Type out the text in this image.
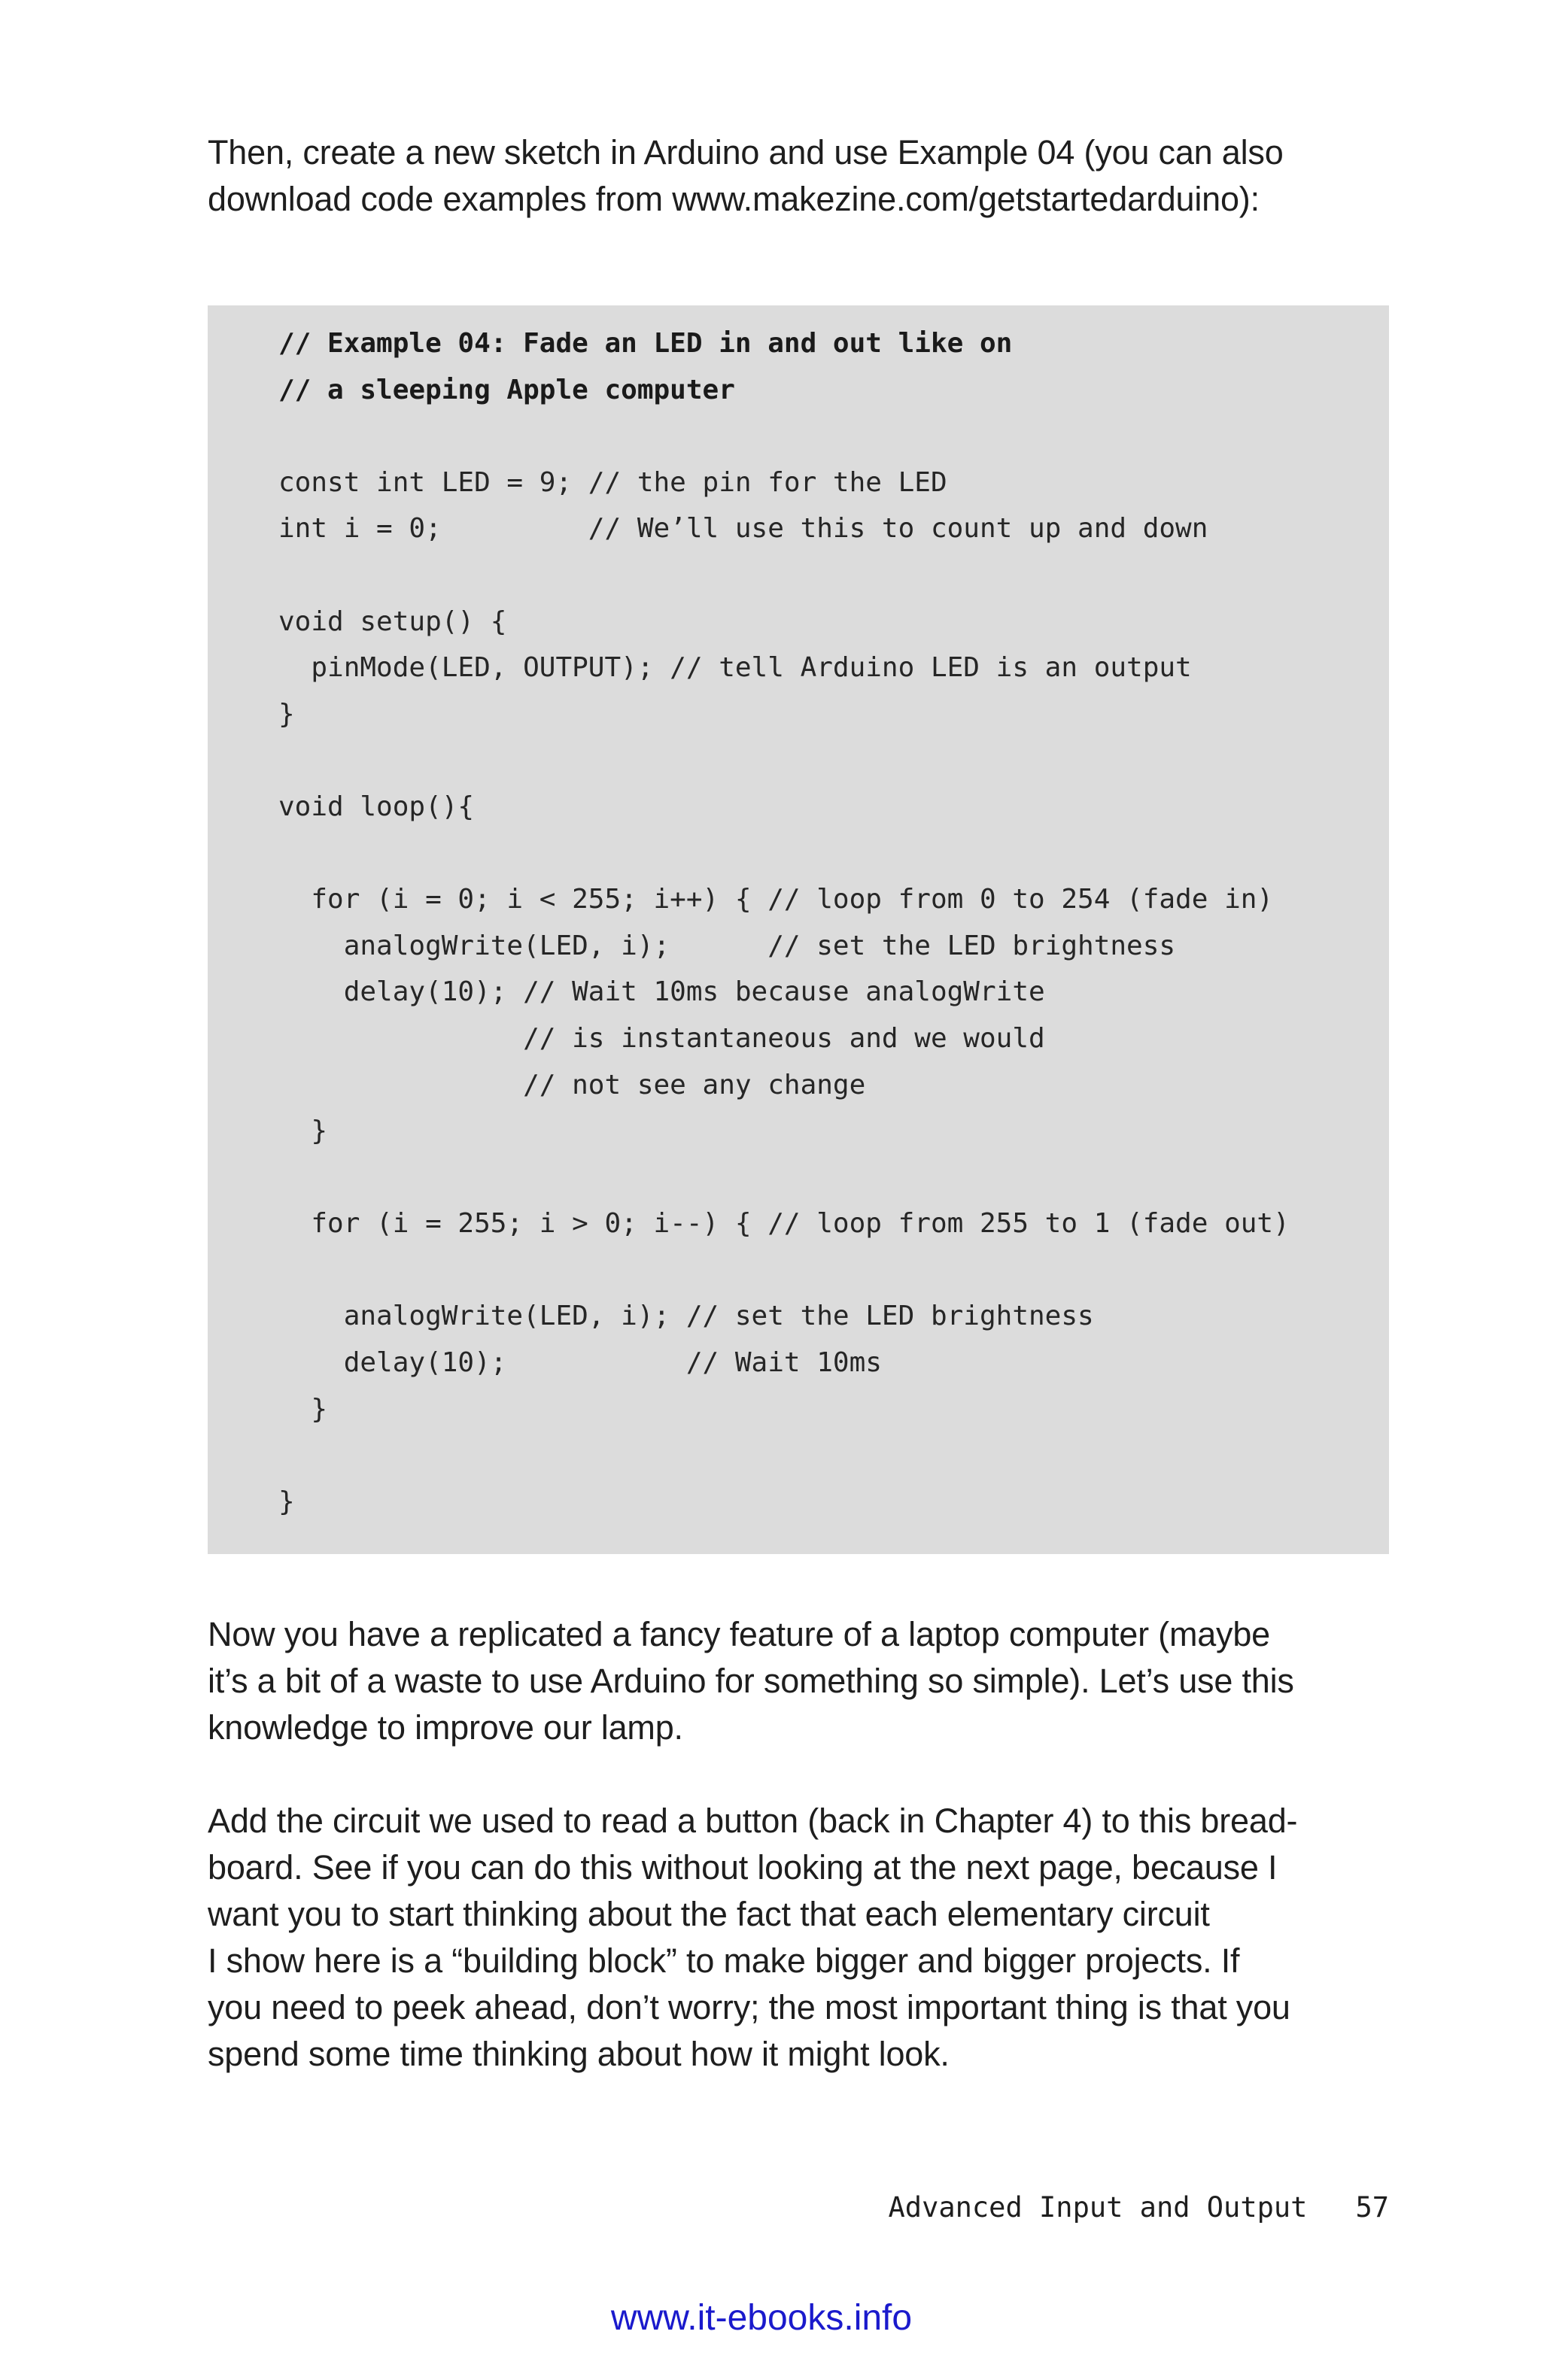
Then, create a new sketch in Arduino and use Example 04 (you can also
download code examples from www.makezine.com/getstartedarduino):

// Example 04: Fade an LED in and out like on
// a sleeping Apple computer
const int LED = 9; // the pin for the LED
int i = 0;         // We’ll use this to count up and down
void setup() {
pinMode(LED, OUTPUT); // tell Arduino LED is an output
}
void loop(){
for (i = 0; i < 255; i++) { // loop from 0 to 254 (fade in)
analogWrite(LED, i);      // set the LED brightness
delay(10); // Wait 10ms because analogWrite
// is instantaneous and we would
// not see any change
}
for (i = 255; i > 0; i--) { // loop from 255 to 1 (fade out)
analogWrite(LED, i); // set the LED brightness
delay(10);           // Wait 10ms
}
}

Now you have a replicated a fancy feature of a laptop computer (maybe
it’s a bit of a waste to use Arduino for something so simple). Let’s use this
knowledge to improve our lamp.

Add the circuit we used to read a button (back in Chapter 4) to this bread-
board. See if you can do this without looking at the next page, because I
want you to start thinking about the fact that each elementary circuit
I show here is a “building block” to make bigger and bigger projects. If
you need to peek ahead, don’t worry; the most important thing is that you
spend some time thinking about how it might look.

Advanced Input and Output 57
www.it-ebooks.info
